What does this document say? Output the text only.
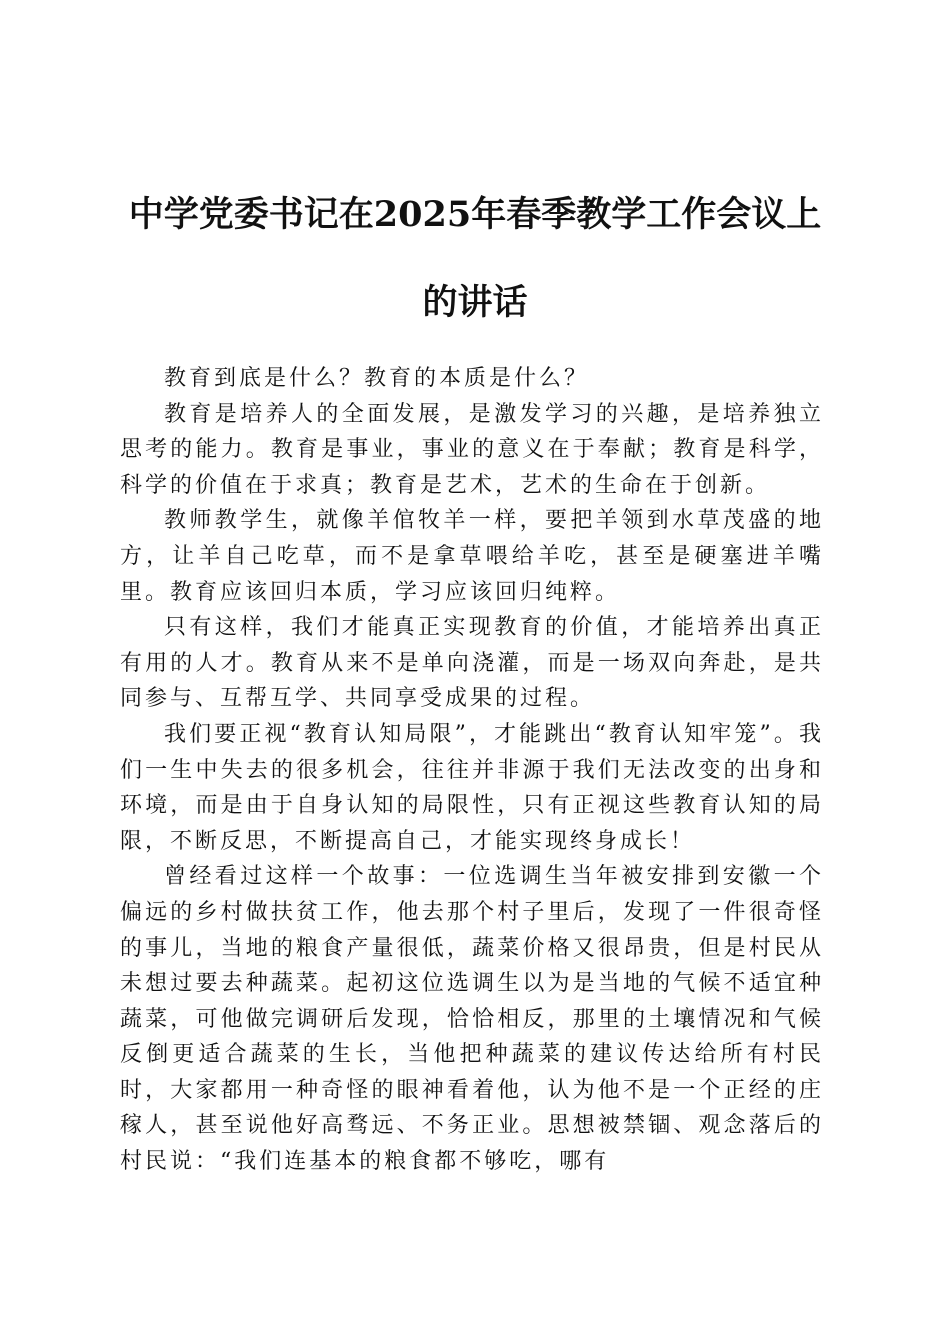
中学党委书记在2025年春季教学工作会议上的讲话

教育到底是什么？教育的本质是什么？

教育是培养人的全面发展，是激发学习的兴趣，是培养独立思考的能力。教育是事业，事业的意义在于奉献；教育是科学，科学的价值在于求真；教育是艺术，艺术的生命在于创新。

教师教学生，就像羊倌牧羊一样，要把羊领到水草茂盛的地方，让羊自己吃草，而不是拿草喂给羊吃，甚至是硬塞进羊嘴里。教育应该回归本质，学习应该回归纯粹。

只有这样，我们才能真正实现教育的价值，才能培养出真正有用的人才。教育从来不是单向浇灌，而是一场双向奔赴，是共同参与、互帮互学、共同享受成果的过程。

我们要正视“教育认知局限”，才能跳出“教育认知牢笼”。我们一生中失去的很多机会，往往并非源于我们无法改变的出身和环境，而是由于自身认知的局限性，只有正视这些教育认知的局限，不断反思，不断提高自己，才能实现终身成长！

曾经看过这样一个故事：一位选调生当年被安排到安徽一个偏远的乡村做扶贫工作，他去那个村子里后，发现了一件很奇怪的事儿，当地的粮食产量很低，蔬菜价格又很昂贵，但是村民从未想过要去种蔬菜。起初这位选调生以为是当地的气候不适宜种蔬菜，可他做完调研后发现，恰恰相反，那里的土壤情况和气候反倒更适合蔬菜的生长，当他把种蔬菜的建议传达给所有村民时，大家都用一种奇怪的眼神看着他，认为他不是一个正经的庄稼人，甚至说他好高骛远、不务正业。思想被禁锢、观念落后的村民说：“我们连基本的粮食都不够吃，哪有
